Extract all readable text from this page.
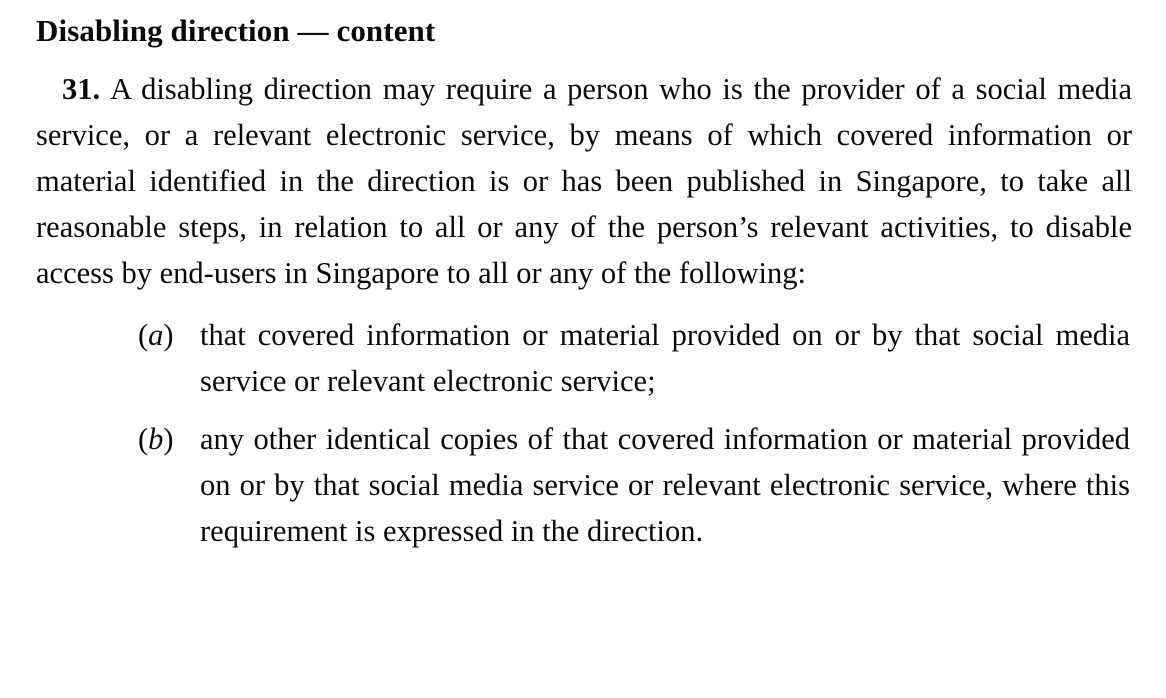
Disabling direction — content

31. A disabling direction may require a person who is the provider of a social media service, or a relevant electronic service, by means of which covered information or material identified in the direction is or has been published in Singapore, to take all reasonable steps, in relation to all or any of the person’s relevant activities, to disable access by end-users in Singapore to all or any of the following:

(a) that covered information or material provided on or by that social media service or relevant electronic service;
(b) any other identical copies of that covered information or material provided on or by that social media service or relevant electronic service, where this requirement is expressed in the direction.
